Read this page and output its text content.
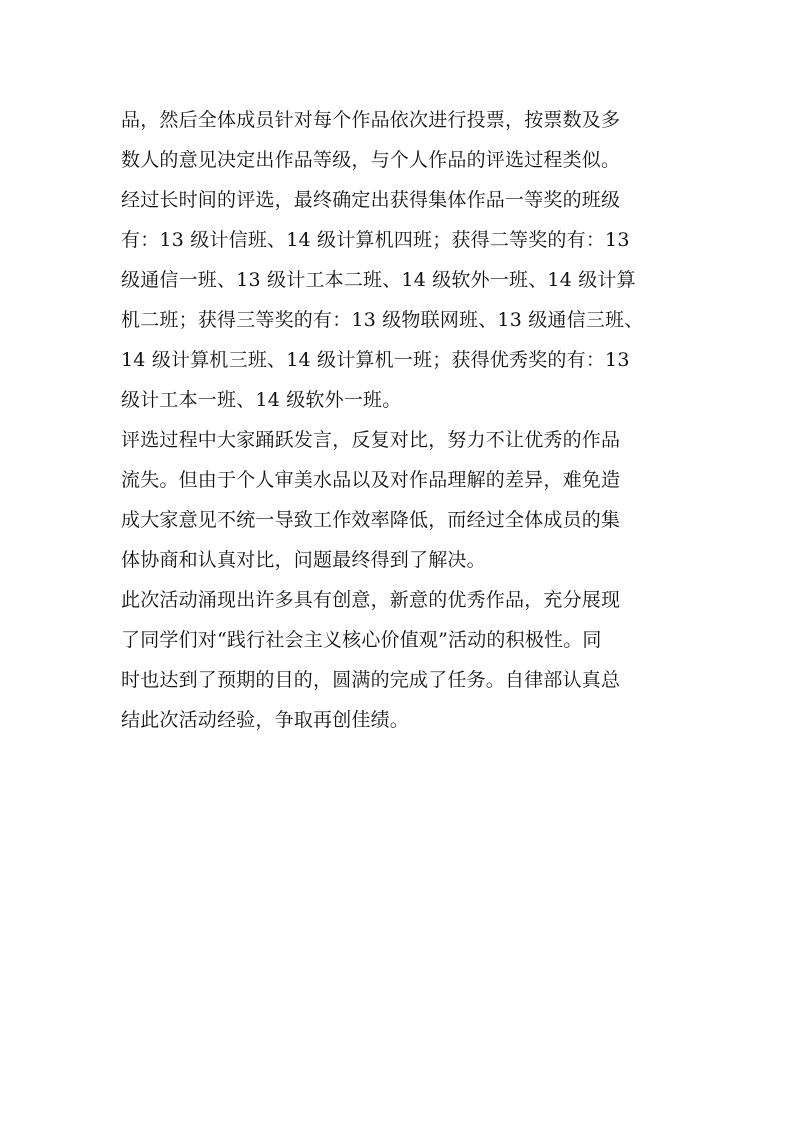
品，然后全体成员针对每个作品依次进行投票，按票数及多
数人的意见决定出作品等级，与个人作品的评选过程类似。
经过长时间的评选，最终确定出获得集体作品一等奖的班级
有：13 级计信班、14 级计算机四班；获得二等奖的有：13
级通信一班、13 级计工本二班、14 级软外一班、14 级计算
机二班；获得三等奖的有：13 级物联网班、13 级通信三班、
14 级计算机三班、14 级计算机一班；获得优秀奖的有：13
级计工本一班、14 级软外一班。
评选过程中大家踊跃发言，反复对比，努力不让优秀的作品
流失。但由于个人审美水品以及对作品理解的差异，难免造
成大家意见不统一导致工作效率降低，而经过全体成员的集
体协商和认真对比，问题最终得到了解决。
此次活动涌现出许多具有创意，新意的优秀作品，充分展现
了同学们对“践行社会主义核心价值观”活动的积极性。同
时也达到了预期的目的，圆满的完成了任务。自律部认真总
结此次活动经验，争取再创佳绩。
